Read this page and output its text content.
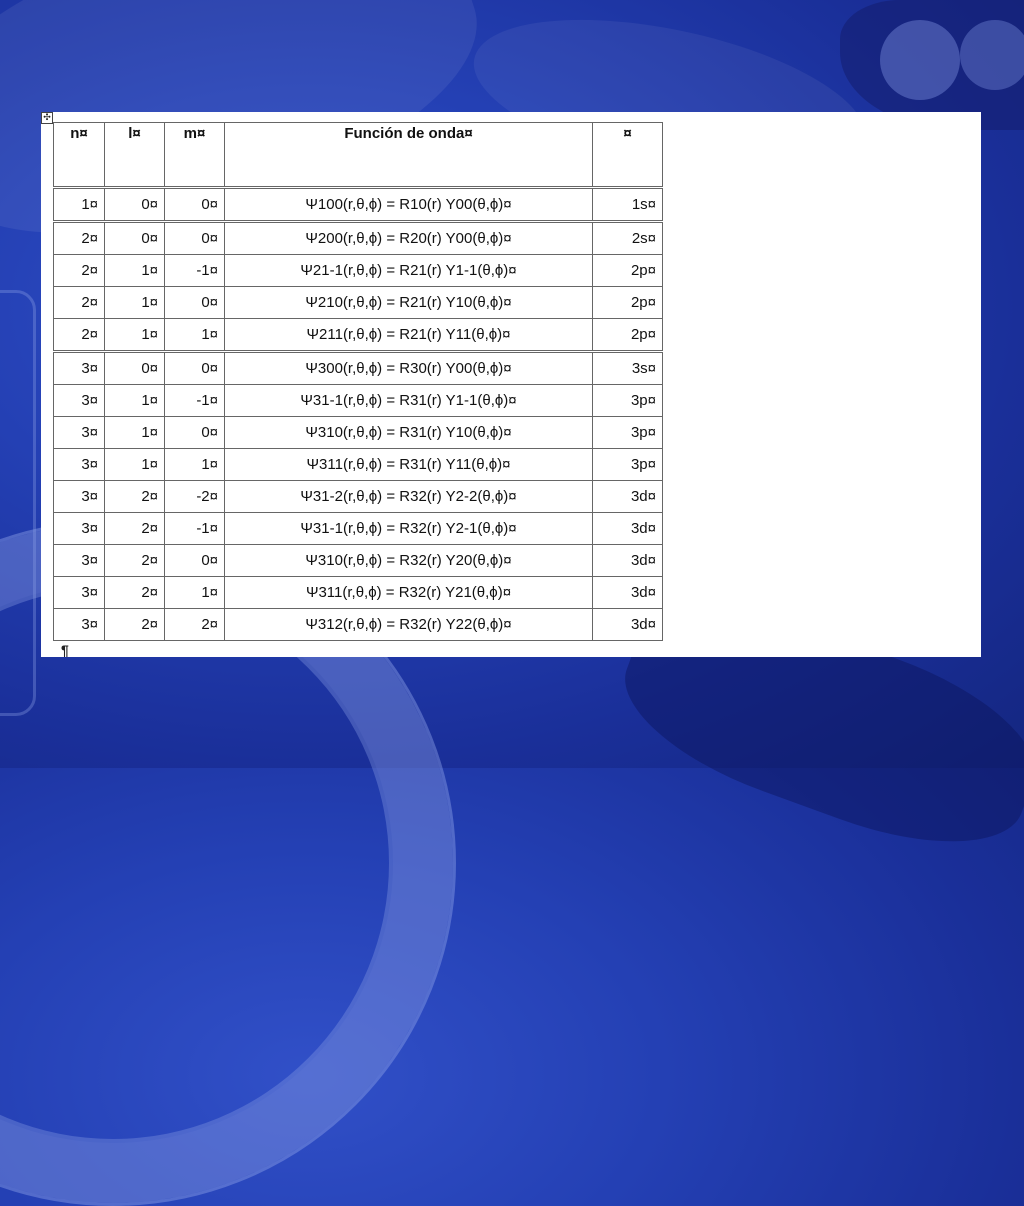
✣
n¤	l¤	m¤	Función de onda¤	¤
1¤	0¤	0¤	Ψ100(r,θ,ϕ) = R10(r) Y00(θ,ϕ)¤	1s¤
2¤	0¤	0¤	Ψ200(r,θ,ϕ) = R20(r) Y00(θ,ϕ)¤	2s¤
2¤	1¤	-1¤	Ψ21-1(r,θ,ϕ) = R21(r) Y1-1(θ,ϕ)¤	2p¤
2¤	1¤	0¤	Ψ210(r,θ,ϕ) = R21(r) Y10(θ,ϕ)¤	2p¤
2¤	1¤	1¤	Ψ211(r,θ,ϕ) = R21(r) Y11(θ,ϕ)¤	2p¤
3¤	0¤	0¤	Ψ300(r,θ,ϕ) = R30(r) Y00(θ,ϕ)¤	3s¤
3¤	1¤	-1¤	Ψ31-1(r,θ,ϕ) = R31(r) Y1-1(θ,ϕ)¤	3p¤
3¤	1¤	0¤	Ψ310(r,θ,ϕ) = R31(r) Y10(θ,ϕ)¤	3p¤
3¤	1¤	1¤	Ψ311(r,θ,ϕ) = R31(r) Y11(θ,ϕ)¤	3p¤
3¤	2¤	-2¤	Ψ31-2(r,θ,ϕ) = R32(r) Y2-2(θ,ϕ)¤	3d¤
3¤	2¤	-1¤	Ψ31-1(r,θ,ϕ) = R32(r) Y2-1(θ,ϕ)¤	3d¤
3¤	2¤	0¤	Ψ310(r,θ,ϕ) = R32(r) Y20(θ,ϕ)¤	3d¤
3¤	2¤	1¤	Ψ311(r,θ,ϕ) = R32(r) Y21(θ,ϕ)¤	3d¤
3¤	2¤	2¤	Ψ312(r,θ,ϕ) = R32(r) Y22(θ,ϕ)¤	3d¤
¶
